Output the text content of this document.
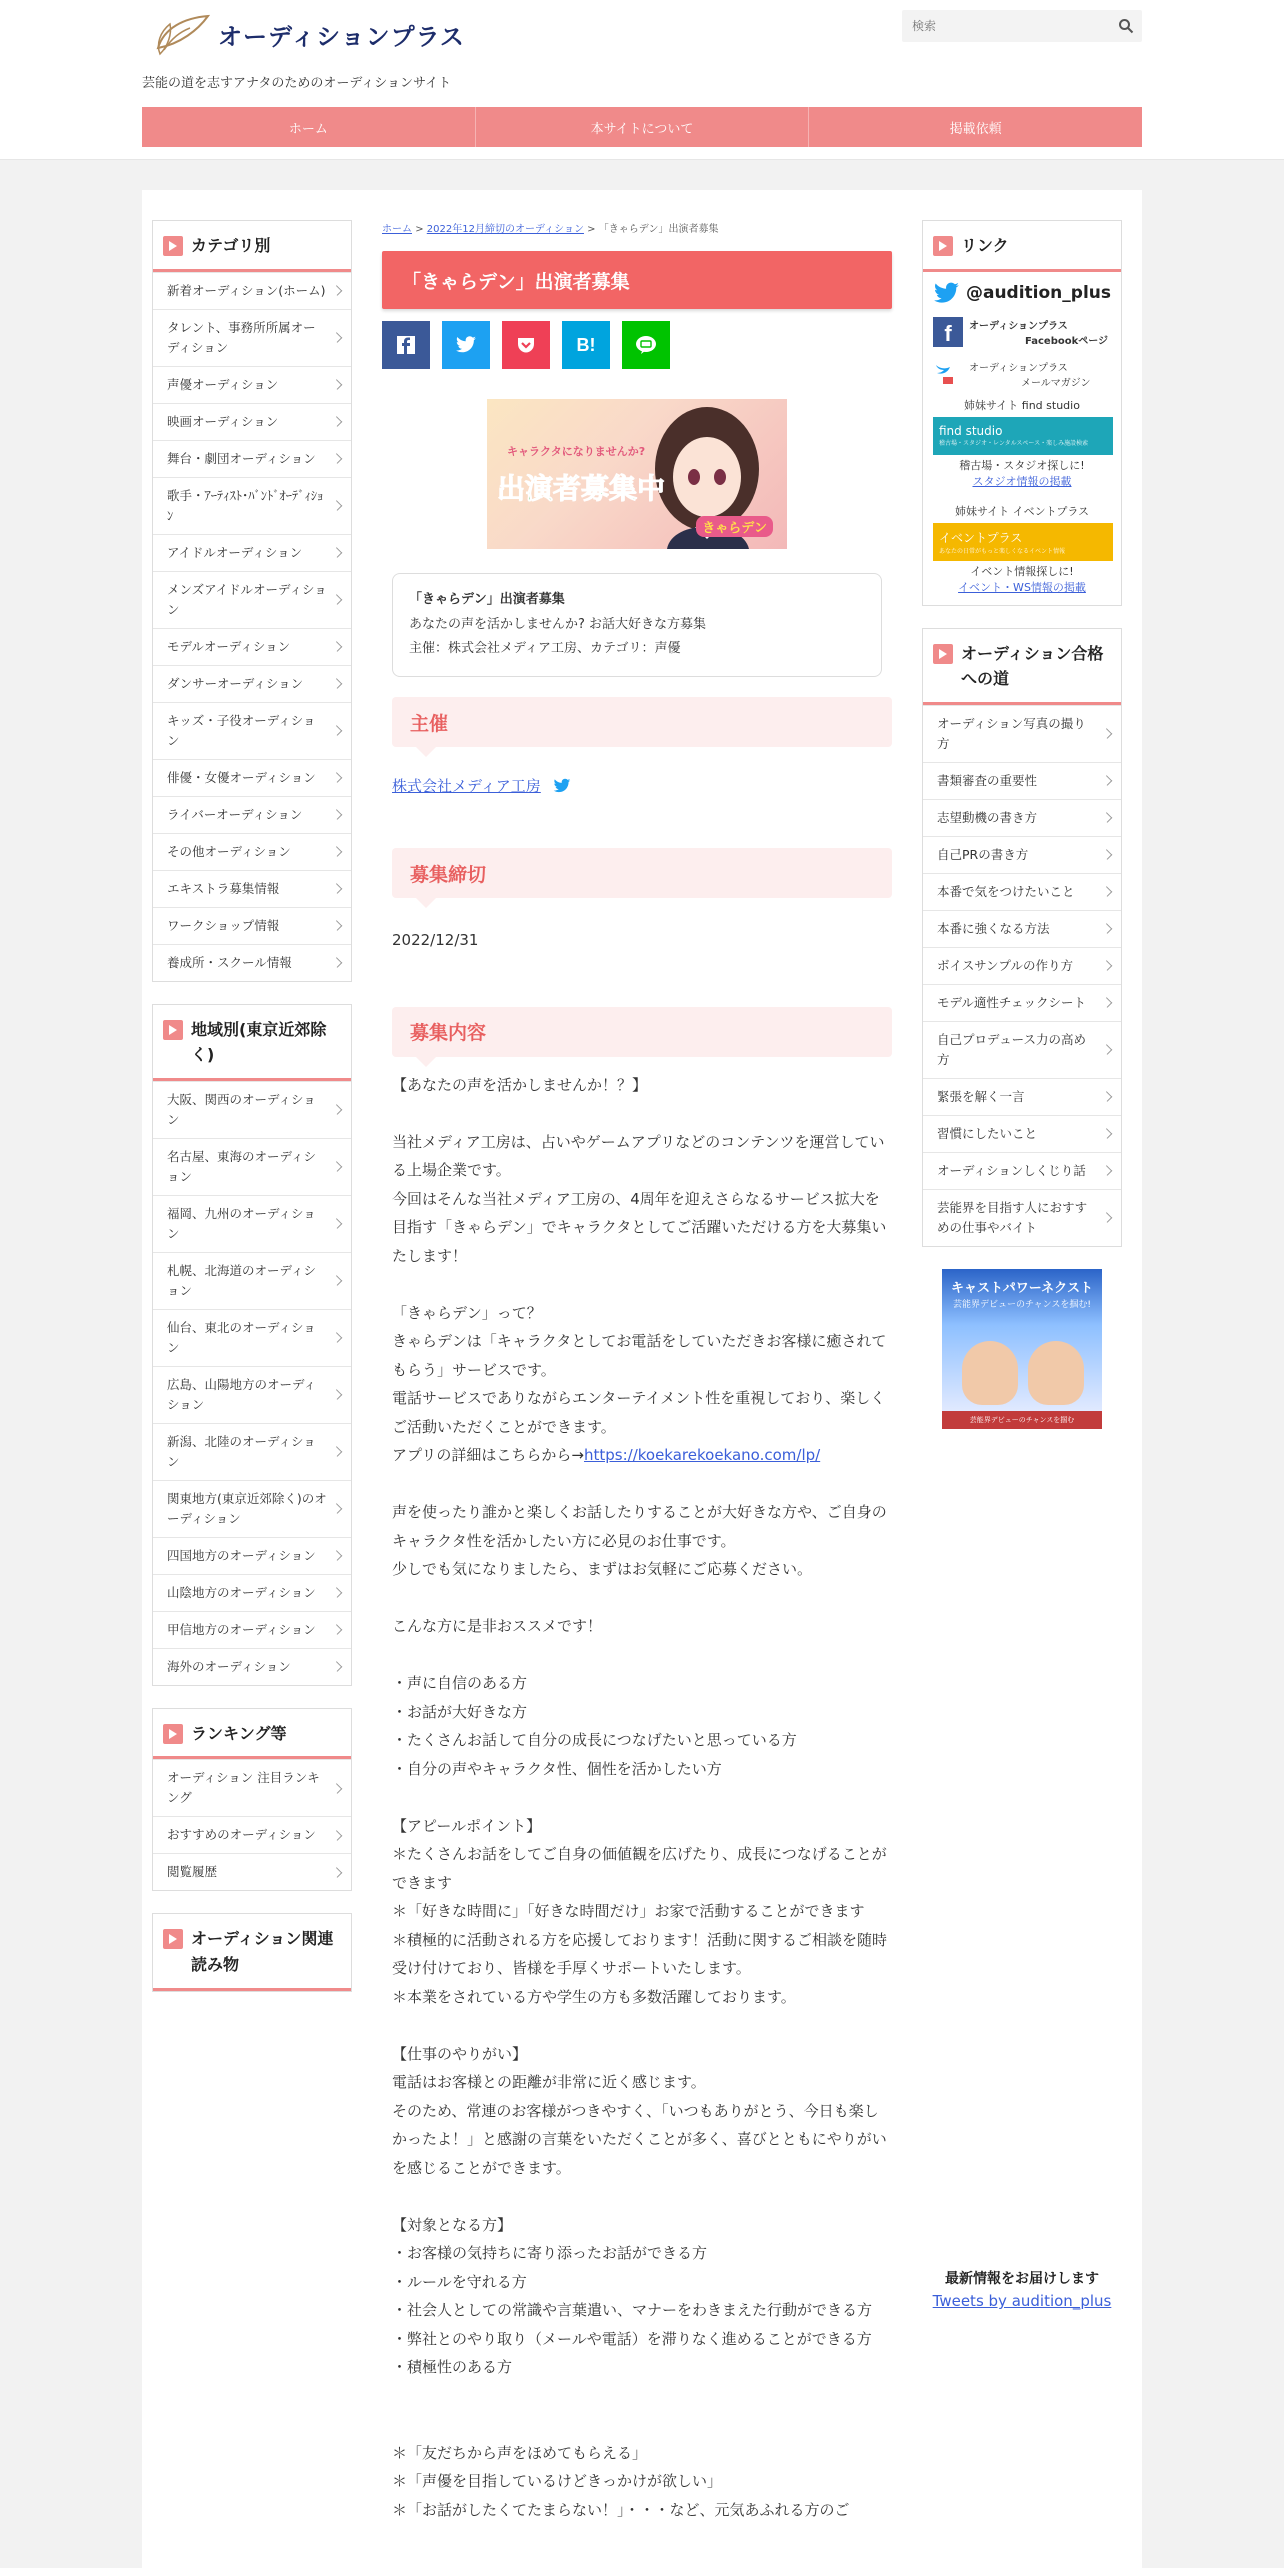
オーディションプラス
芸能の道を志すアナタのためのオーディションサイト
検索
ホーム	本サイトについて	掲載依頼
カテゴリ別
新着オーディション(ホーム)
タレント、事務所所属オーディション
声優オーディション
映画オーディション
舞台・劇団オーディション
歌手・ｱｰﾃｨｽﾄ･ﾊﾞﾝﾄﾞｵｰﾃﾞｨｼｮﾝ
アイドルオーディション
メンズアイドルオーディション
モデルオーディション
ダンサーオーディション
キッズ・子役オーディション
俳優・女優オーディション
ライバーオーディション
その他オーディション
エキストラ募集情報
ワークショップ情報
養成所・スクール情報
地域別(東京近郊除く)
大阪、関西のオーディション
名古屋、東海のオーディション
福岡、九州のオーディション
札幌、北海道のオーディション
仙台、東北のオーディション
広島、山陽地方のオーディション
新潟、北陸のオーディション
関東地方(東京近郊除く)のオーディション
四国地方のオーディション
山陰地方のオーディション
甲信地方のオーディション
海外のオーディション
ランキング等
オーディション 注目ランキング
おすすめのオーディション
閲覧履歴
オーディション関連読み物
ホーム > 2022年12月締切のオーディション > 「きゃらデン」出演者募集
「きゃらデン」出演者募集
B!
キャラクタになりませんか?
出演者募集中
きゃらデン
「きゃらデン」出演者募集
あなたの声を活かしませんか? お話大好きな方募集
主催：株式会社メディア工房、カテゴリ：声優
主催
株式会社メディア工房
募集締切
2022/12/31
募集内容
【あなたの声を活かしませんか！？】

当社メディア工房は、占いやゲームアプリなどのコンテンツを運営している上場企業です。
今回はそんな当社メディア工房の、4周年を迎えさらなるサービス拡大を目指す「きゃらデン」でキャラクタとしてご活躍いただける方を大募集いたします！

「きゃらデン」って？
きゃらデンは「キャラクタとしてお電話をしていただきお客様に癒されてもらう」サービスです。
電話サービスでありながらエンターテイメント性を重視しており、楽しくご活動いただくことができます。
アプリの詳細はこちらから→https://koekarekoekano.com/lp/

声を使ったり誰かと楽しくお話したりすることが大好きな方や、ご自身のキャラクタ性を活かしたい方に必見のお仕事です。
少しでも気になりましたら、まずはお気軽にご応募ください。

こんな方に是非おススメです！

・声に自信のある方
・お話が大好きな方
・たくさんお話して自分の成長につなげたいと思っている方
・自分の声やキャラクタ性、個性を活かしたい方

【アピールポイント】
＊たくさんお話をしてご自身の価値観を広げたり、成長につなげることができます
＊「好きな時間に」「好きな時間だけ」お家で活動することができます
＊積極的に活動される方を応援しております！活動に関するご相談を随時受け付けており、皆様を手厚くサポートいたします。
＊本業をされている方や学生の方も多数活躍しております。

【仕事のやりがい】
電話はお客様との距離が非常に近く感じます。
そのため、常連のお客様がつきやすく、「いつもありがとう、今日も楽しかったよ！」と感謝の言葉をいただくことが多く、喜びとともにやりがいを感じることができます。

【対象となる方】
・お客様の気持ちに寄り添ったお話ができる方
・ルールを守れる方
・社会人としての常識や言葉遣い、マナーをわきまえた行動ができる方
・弊社とのやり取り（メールや電話）を滞りなく進めることができる方
・積極性のある方

＊「友だちから声をほめてもらえる」
＊「声優を目指しているけどきっかけが欲しい」
＊「お話がしたくてたまらない！」・・・など、元気あふれる方のご
リンク
@audition_plus
f	オーディションプラス
Facebookページ
オーディションプラス
メールマガジン
姉妹サイト find studio
find studio
稽古場・スタジオ・レンタルスペース・楽しみ施設検索
稽古場・スタジオ探しに!
スタジオ情報の掲載
姉妹サイト イベントプラス
イベントプラス
あなたの日常がもっと楽しくなるイベント情報
イベント情報探しに!
イベント・WS情報の掲載
オーディション合格への道
オーディション写真の撮り方
書類審査の重要性
志望動機の書き方
自己PRの書き方
本番で気をつけたいこと
本番に強くなる方法
ボイスサンプルの作り方
モデル適性チェックシート
自己プロデュース力の高め方
緊張を解く一言
習慣にしたいこと
オーディションしくじり話
芸能界を目指す人におすすめの仕事やバイト
キャストパワーネクスト
芸能界デビューのチャンスを掴む!
芸能界デビューのチャンスを掴む
最新情報をお届けします
Tweets by audition_plus
